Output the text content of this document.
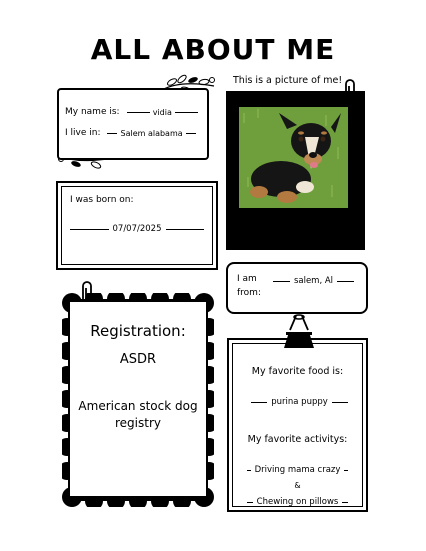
ALL ABOUT ME
My name is:	vidia
I live in:	Salem alabama
I was born on:
07/07/2025
This is a picture of me!
I am
from:
salem, Al
Registration:
ASDR
American stock dog registry
My favorite food is:
purina puppy
My favorite activitys:
Driving mama crazy
&
Chewing on pillows
